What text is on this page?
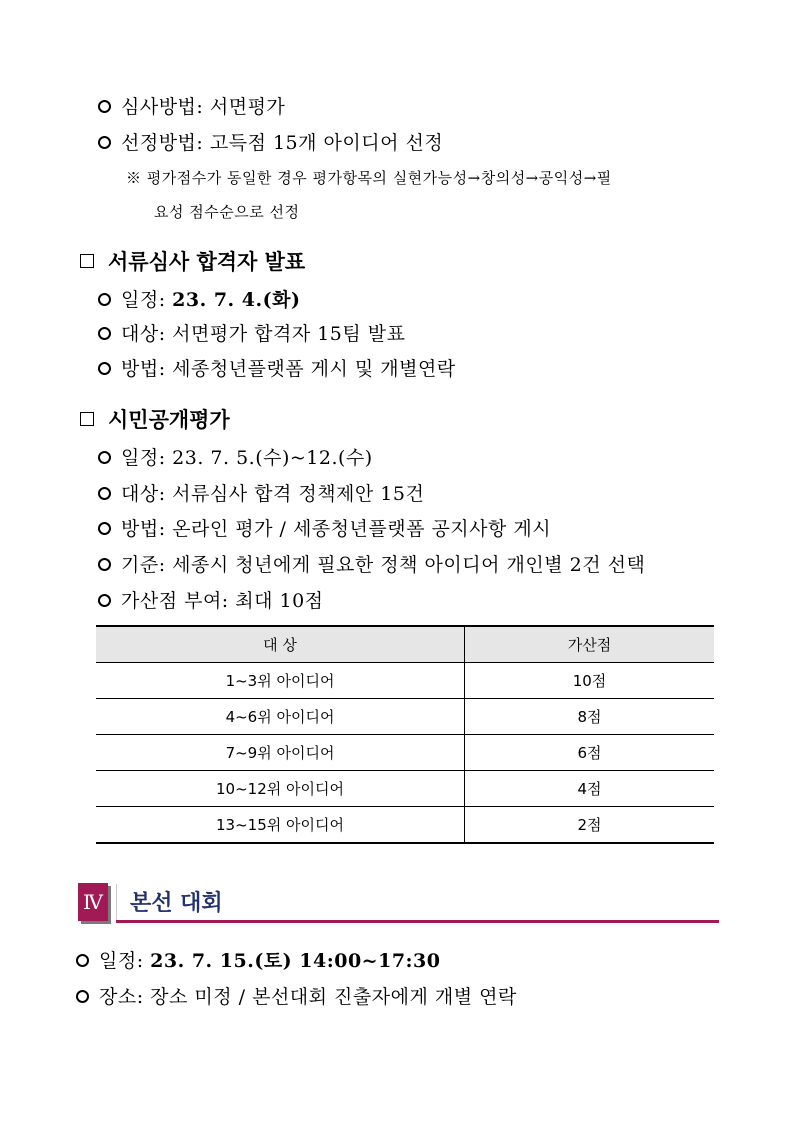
심사방법: 서면평가
선정방법: 고득점 15개 아이디어 선정
※ 평가점수가 동일한 경우 평가항목의 실현가능성→창의성→공익성→필
요성 점수순으로 선정
서류심사 합격자 발표
일정: 23. 7. 4.(화)
대상: 서면평가 합격자 15팀 발표
방법: 세종청년플랫폼 게시 및 개별연락
시민공개평가
일정: 23. 7. 5.(수)~12.(수)
대상: 서류심사 합격 정책제안 15건
방법: 온라인 평가 / 세종청년플랫폼 공지사항 게시
기준: 세종시 청년에게 필요한 정책 아이디어 개인별 2건 선택
가산점 부여: 최대 10점
대 상	가산점
1~3위 아이디어	10점
4~6위 아이디어	8점
7~9위 아이디어	6점
10~12위 아이디어	4점
13~15위 아이디어	2점
Ⅳ 본선 대회
일정: 23. 7. 15.(토) 14:00~17:30
장소: 장소 미정 / 본선대회 진출자에게 개별 연락
